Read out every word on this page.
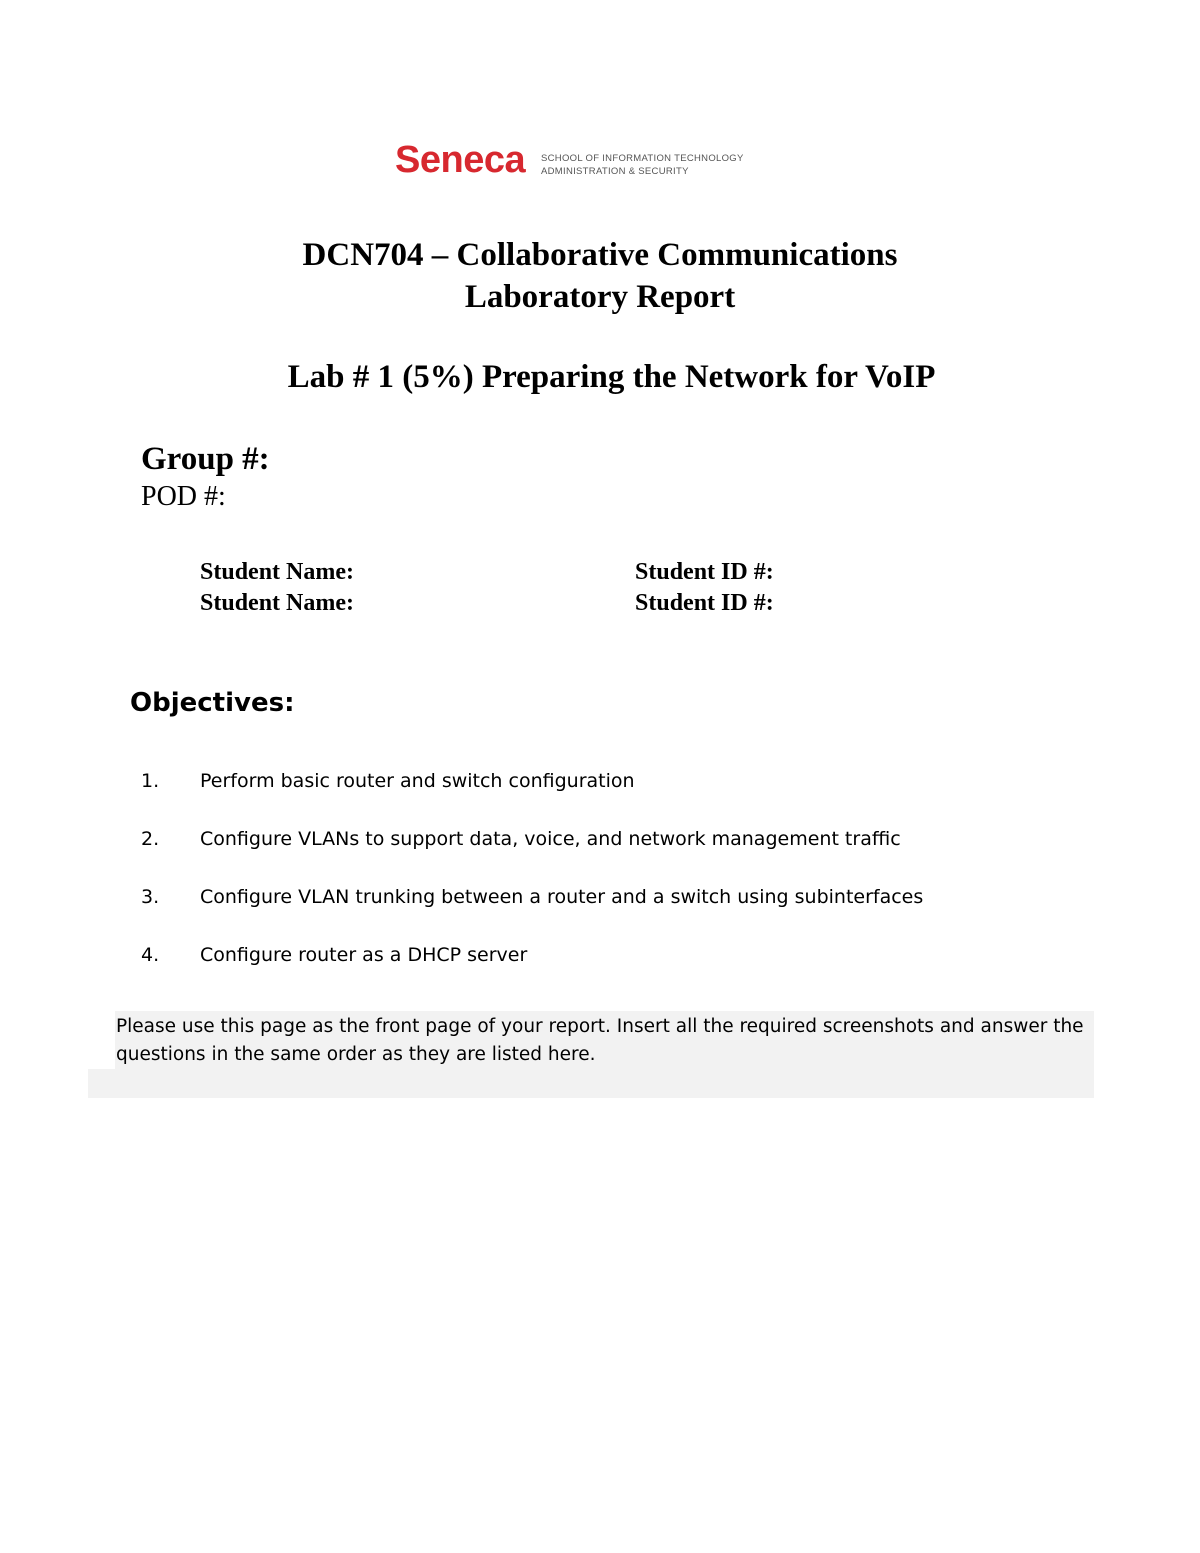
Seneca SCHOOL OF INFORMATION TECHNOLOGY
ADMINISTRATION & SECURITY
DCN704 – Collaborative Communications
Laboratory Report
Lab # 1 (5%) Preparing the Network for VoIP
Group #:
POD #:
Student Name:	Student ID #:
Student Name:	Student ID #:
Objectives:
1. Perform basic router and switch configuration
2. Configure VLANs to support data, voice, and network management traffic
3. Configure VLAN trunking between a router and a switch using subinterfaces
4. Configure router as a DHCP server
Please use this page as the front page of your report. Insert all the required screenshots and answer the questions in the same order as they are listed here.
